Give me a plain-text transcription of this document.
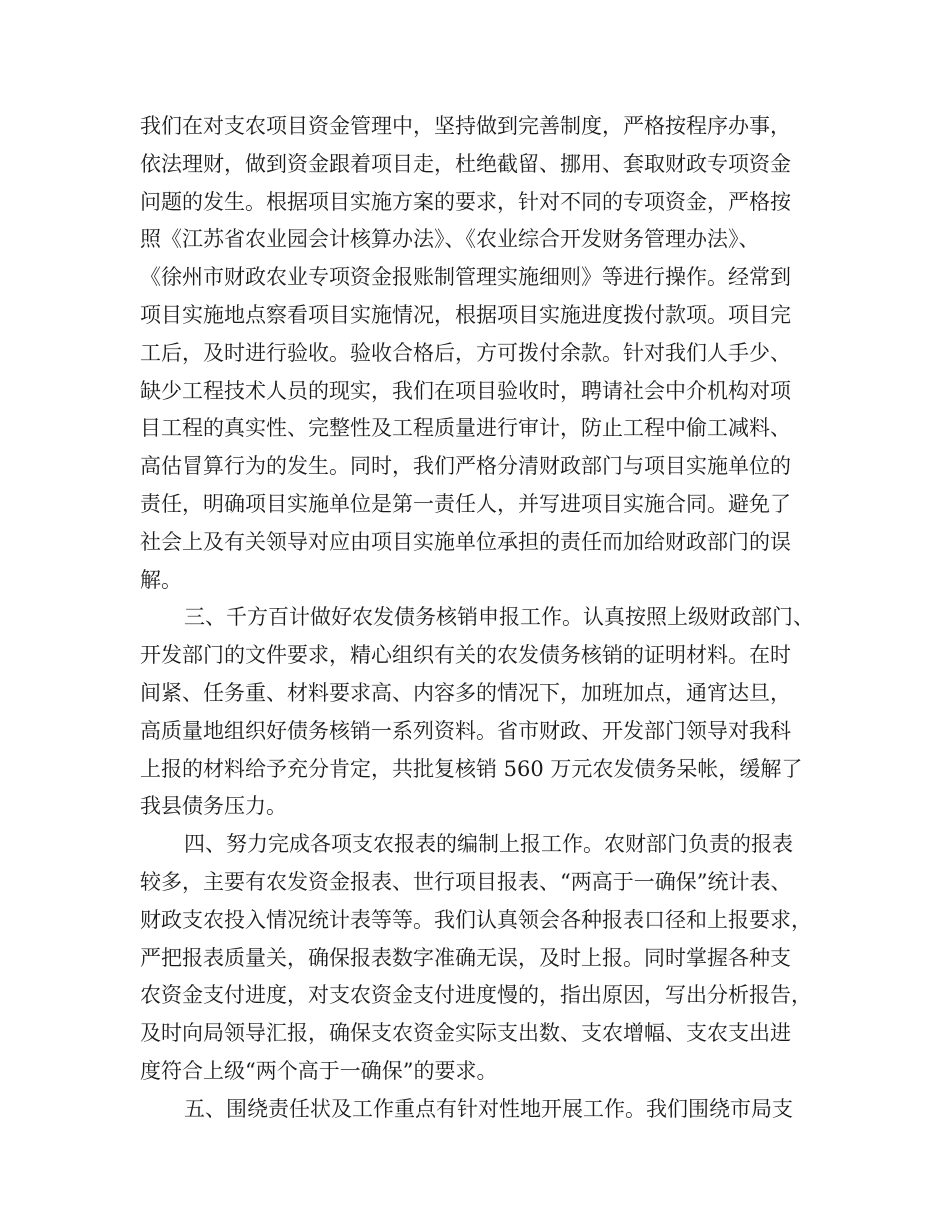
我们在对支农项目资金管理中，坚持做到完善制度，严格按程序办事，
依法理财，做到资金跟着项目走，杜绝截留、挪用、套取财政专项资金
问题的发生。根据项目实施方案的要求，针对不同的专项资金，严格按
照《江苏省农业园会计核算办法》、《农业综合开发财务管理办法》、
《徐州市财政农业专项资金报账制管理实施细则》等进行操作。经常到
项目实施地点察看项目实施情况，根据项目实施进度拨付款项。项目完
工后，及时进行验收。验收合格后，方可拨付余款。针对我们人手少、
缺少工程技术人员的现实，我们在项目验收时，聘请社会中介机构对项
目工程的真实性、完整性及工程质量进行审计，防止工程中偷工减料、
高估冒算行为的发生。同时，我们严格分清财政部门与项目实施单位的
责任，明确项目实施单位是第一责任人，并写进项目实施合同。避免了
社会上及有关领导对应由项目实施单位承担的责任而加给财政部门的误
解。
三、千方百计做好农发债务核销申报工作。认真按照上级财政部门、
开发部门的文件要求，精心组织有关的农发债务核销的证明材料。在时
间紧、任务重、材料要求高、内容多的情况下，加班加点，通宵达旦，
高质量地组织好债务核销一系列资料。省市财政、开发部门领导对我科
上报的材料给予充分肯定，共批复核销 560 万元农发债务呆帐，缓解了
我县债务压力。
四、努力完成各项支农报表的编制上报工作。农财部门负责的报表
较多，主要有农发资金报表、世行项目报表、“两高于一确保”统计表、
财政支农投入情况统计表等等。我们认真领会各种报表口径和上报要求，
严把报表质量关，确保报表数字准确无误，及时上报。同时掌握各种支
农资金支付进度，对支农资金支付进度慢的，指出原因，写出分析报告，
及时向局领导汇报，确保支农资金实际支出数、支农增幅、支农支出进
度符合上级“两个高于一确保”的要求。
五、围绕责任状及工作重点有针对性地开展工作。我们围绕市局支
